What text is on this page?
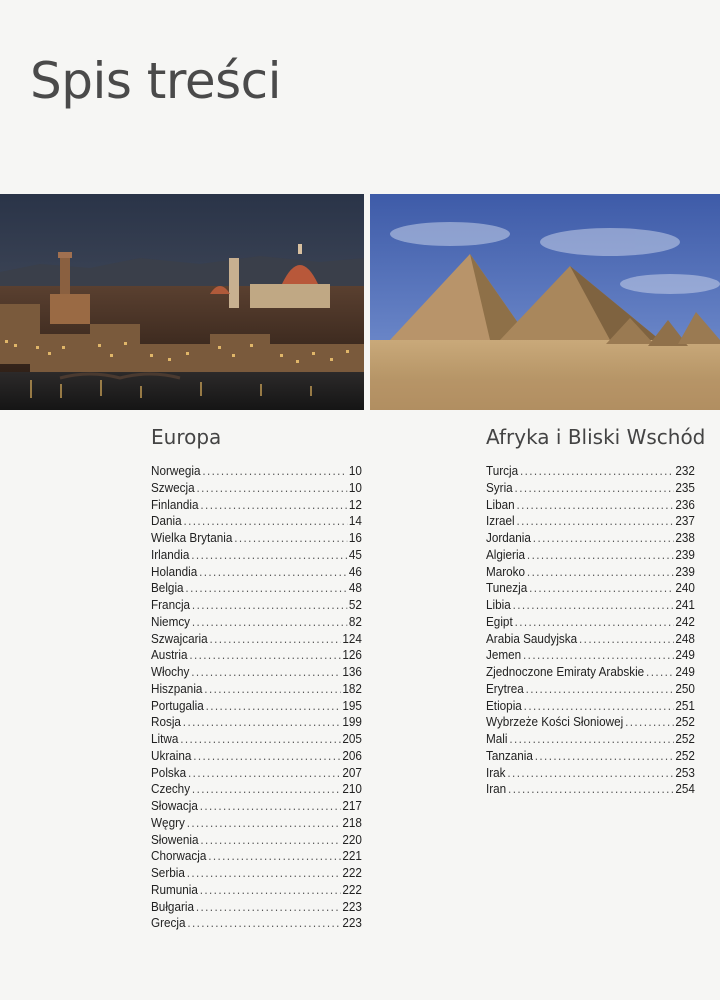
Spis treści
Europa
Norwegia .....	10
Szwecja .....	10
Finlandia .....	12
Dania .....	14
Wielka Brytania .....	16
Irlandia .....	45
Holandia .....	46
Belgia .....	48
Francja .....	52
Niemcy .....	82
Szwajcaria .....	124
Austria .....	126
Włochy .....	136
Hiszpania .....	182
Portugalia .....	195
Rosja .....	199
Litwa .....	205
Ukraina .....	206
Polska .....	207
Czechy .....	210
Słowacja .....	217
Węgry .....	218
Słowenia .....	220
Chorwacja .....	221
Serbia .....	222
Rumunia .....	222
Bułgaria .....	223
Grecja .....	223
Afryka i Bliski Wschód
Turcja .....	232
Syria .....	235
Liban .....	236
Izrael .....	237
Jordania .....	238
Algieria .....	239
Maroko .....	239
Tunezja .....	240
Libia .....	241
Egipt .....	242
Arabia Saudyjska .....	248
Jemen .....	249
Zjednoczone Emiraty Arabskie ..... 249
Erytrea .....	250
Etiopia .....	251
Wybrzeże Kości Słoniowej .....	252
Mali .....	252
Tanzania .....	252
Irak .....	253
Iran .....	254
